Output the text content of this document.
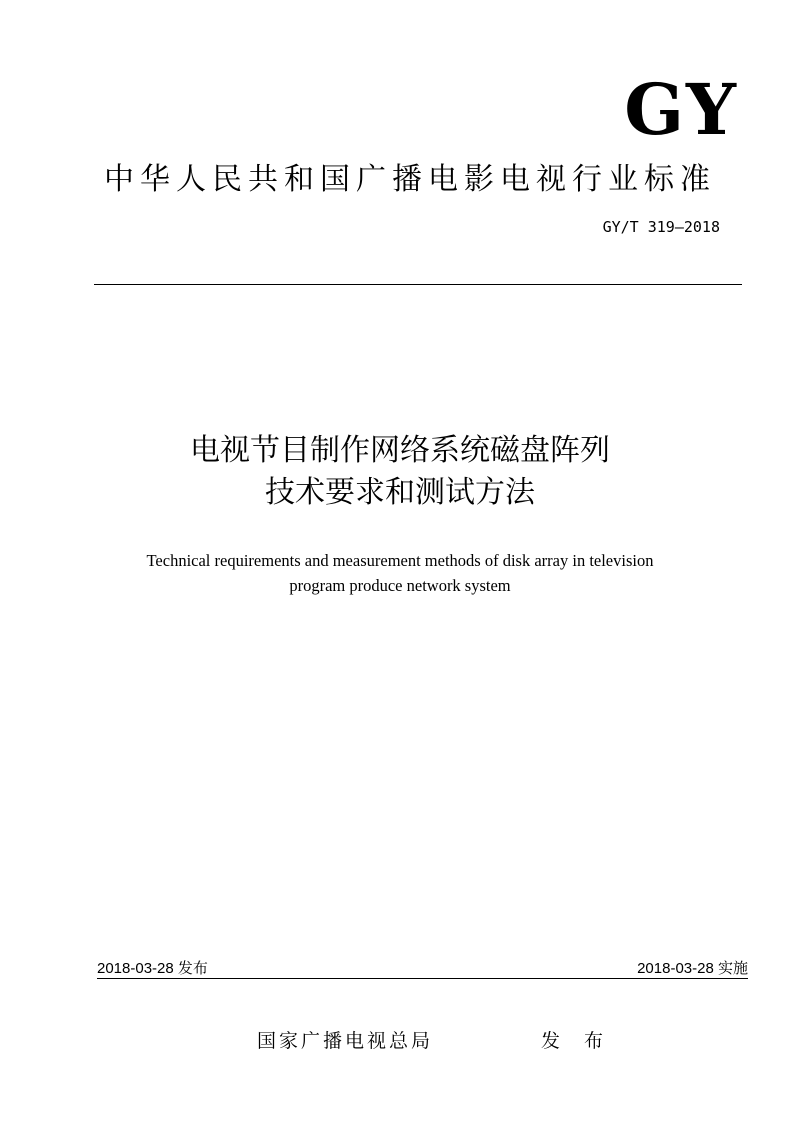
GY
中华人民共和国广播电影电视行业标准
GY/T 319—2018
电视节目制作网络系统磁盘阵列
技术要求和测试方法
Technical requirements and measurement methods of disk array in television
program produce network system
2018-03-28 发布	2018-03-28 实施
国家广播电视总局	发 布
